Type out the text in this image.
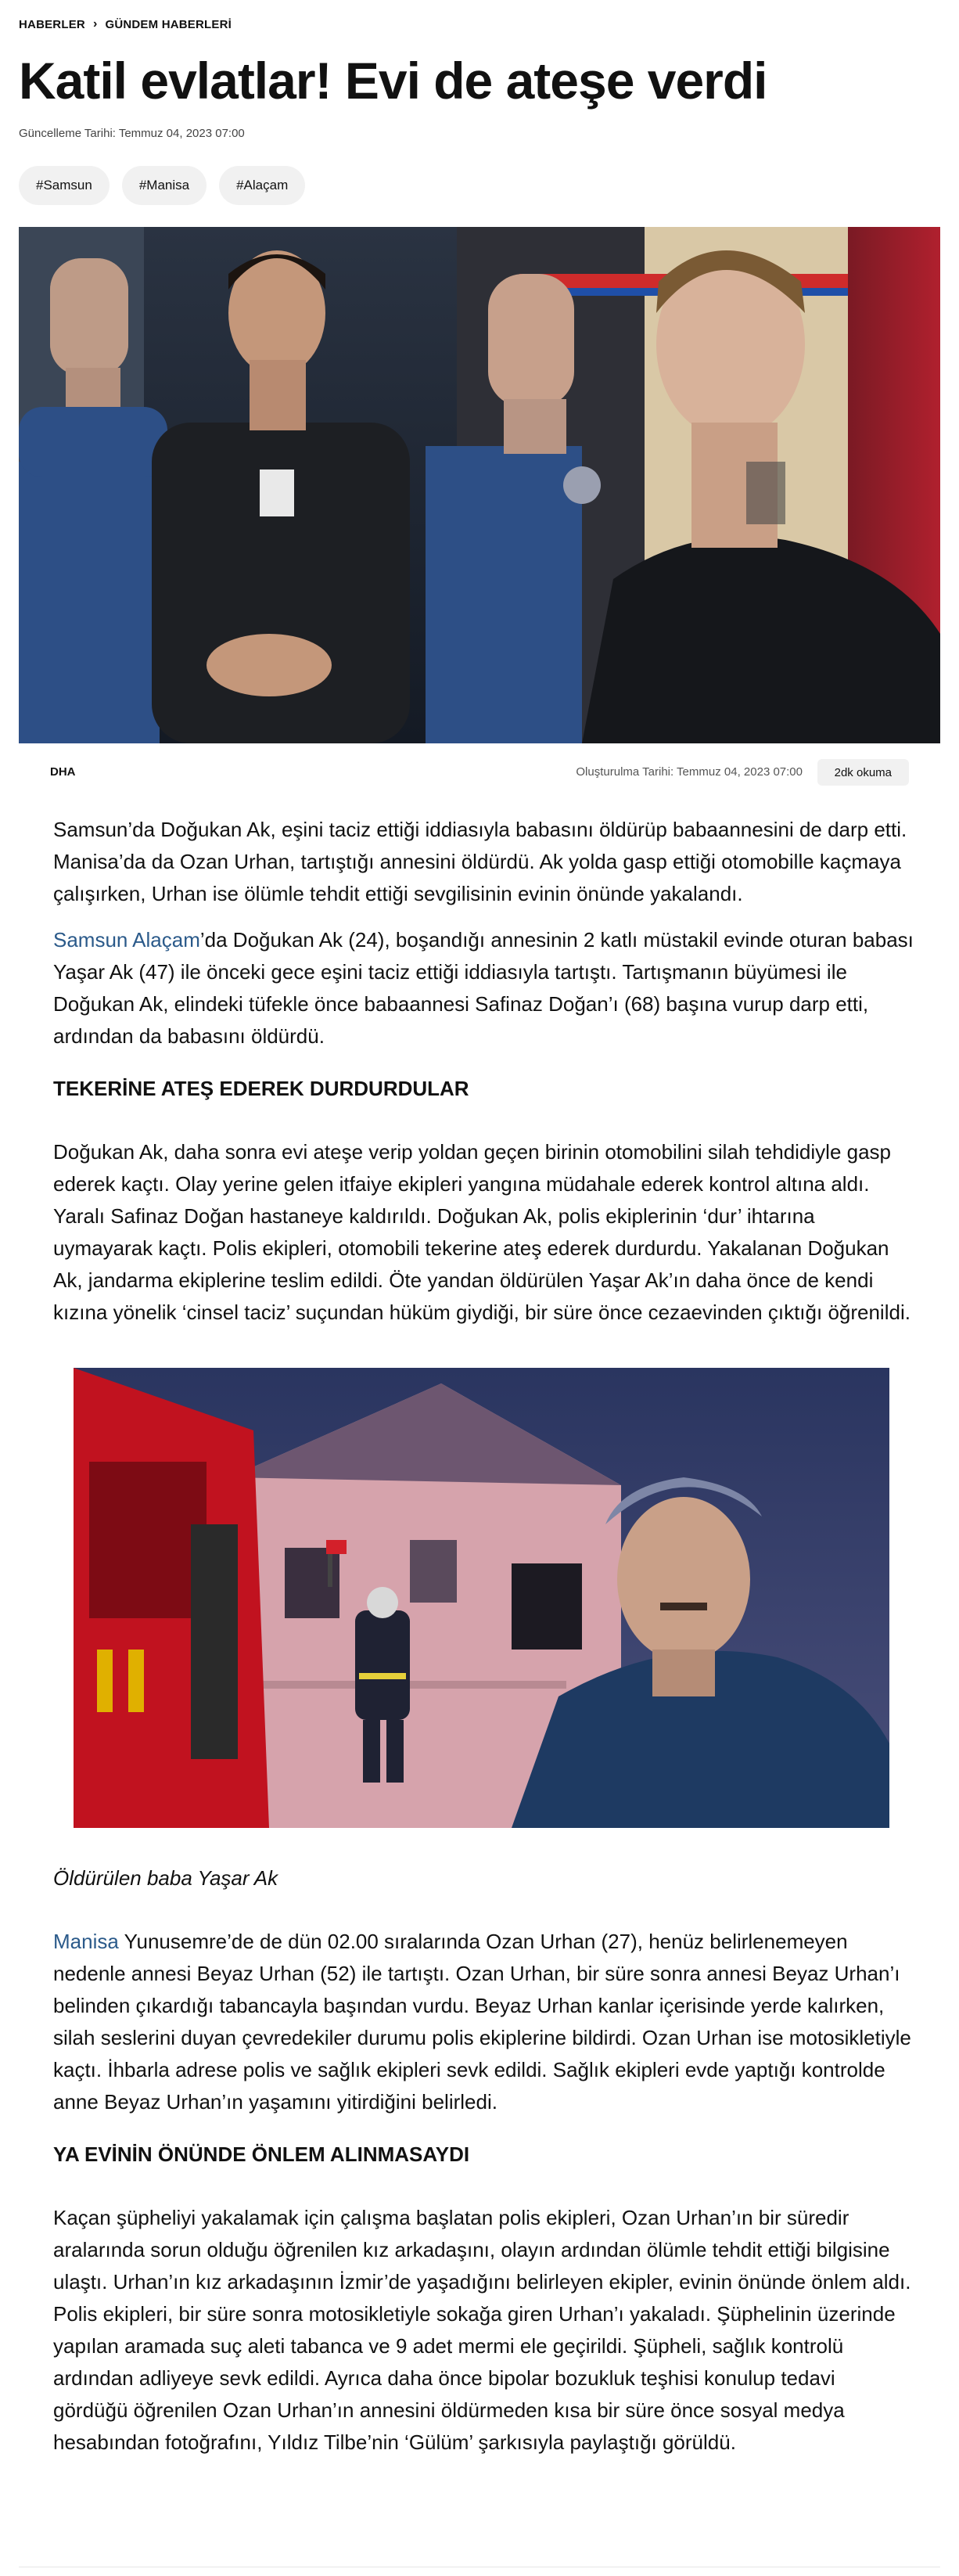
HABERLER › GÜNDEM HABERLERİ
Katil evlatlar! Evi de ateşe verdi
Güncelleme Tarihi: Temmuz 04, 2023 07:00
#Samsun	#Manisa	#Alaçam
DHA	Oluşturulma Tarihi: Temmuz 04, 2023 07:00	2dk okuma

Samsun’da Doğukan Ak, eşini taciz ettiği iddiasıyla babasını öldürüp babaannesini de darp etti. Manisa’da da Ozan Urhan, tartıştığı annesini öldürdü. Ak yolda gasp ettiği otomobille kaçmaya çalışırken, Urhan ise ölümle tehdit ettiği sevgilisinin evinin önünde yakalandı.

Samsun Alaçam’da Doğukan Ak (24), boşandığı annesinin 2 katlı müstakil evinde oturan babası Yaşar Ak (47) ile önceki gece eşini taciz ettiği iddiasıyla tartıştı. Tartışmanın büyümesi ile Doğukan Ak, elindeki tüfekle önce babaannesi Safinaz Doğan’ı (68) başına vurup darp etti, ardından da babasını öldürdü.

TEKERİNE ATEŞ EDEREK DURDURDULAR

Doğukan Ak, daha sonra evi ateşe verip yoldan geçen birinin otomobilini silah tehdidiyle gasp ederek kaçtı. Olay yerine gelen itfaiye ekipleri yangına müdahale ederek kontrol altına aldı. Yaralı Safinaz Doğan hastaneye kaldırıldı. Doğukan Ak, polis ekiplerinin ‘dur’ ihtarına uymayarak kaçtı. Polis ekipleri, otomobili tekerine ateş ederek durdurdu. Yakalanan Doğukan Ak, jandarma ekiplerine teslim edildi. Öte yandan öldürülen Yaşar Ak’ın daha önce de kendi kızına yönelik ‘cinsel taciz’ suçundan hüküm giydiği, bir süre önce cezaevinden çıktığı öğrenildi.

Öldürülen baba Yaşar Ak

Manisa Yunusemre’de de dün 02.00 sıralarında Ozan Urhan (27), henüz belirlenemeyen nedenle annesi Beyaz Urhan (52) ile tartıştı. Ozan Urhan, bir süre sonra annesi Beyaz Urhan’ı belinden çıkardığı tabancayla başından vurdu. Beyaz Urhan kanlar içerisinde yerde kalırken, silah seslerini duyan çevredekiler durumu polis ekiplerine bildirdi. Ozan Urhan ise motosikletiyle kaçtı. İhbarla adrese polis ve sağlık ekipleri sevk edildi. Sağlık ekipleri evde yaptığı kontrolde anne Beyaz Urhan’ın yaşamını yitirdiğini belirledi.

YA EVİNİN ÖNÜNDE ÖNLEM ALINMASAYDI

Kaçan şüpheliyi yakalamak için çalışma başlatan polis ekipleri, Ozan Urhan’ın bir süredir aralarında sorun olduğu öğrenilen kız arkadaşını, olayın ardından ölümle tehdit ettiği bilgisine ulaştı. Urhan’ın kız arkadaşının İzmir’de yaşadığını belirleyen ekipler, evinin önünde önlem aldı. Polis ekipleri, bir süre sonra motosikletiyle sokağa giren Urhan’ı yakaladı. Şüphelinin üzerinde yapılan aramada suç aleti tabanca ve 9 adet mermi ele geçirildi. Şüpheli, sağlık kontrolü ardından adliyeye sevk edildi. Ayrıca daha önce bipolar bozukluk teşhisi konulup tedavi gördüğü öğrenilen Ozan Urhan’ın annesini öldürmeden kısa bir süre önce sosyal medya hesabından fotoğrafını, Yıldız Tilbe’nin ‘Gülüm’ şarkısıyla paylaştığı görüldü.
